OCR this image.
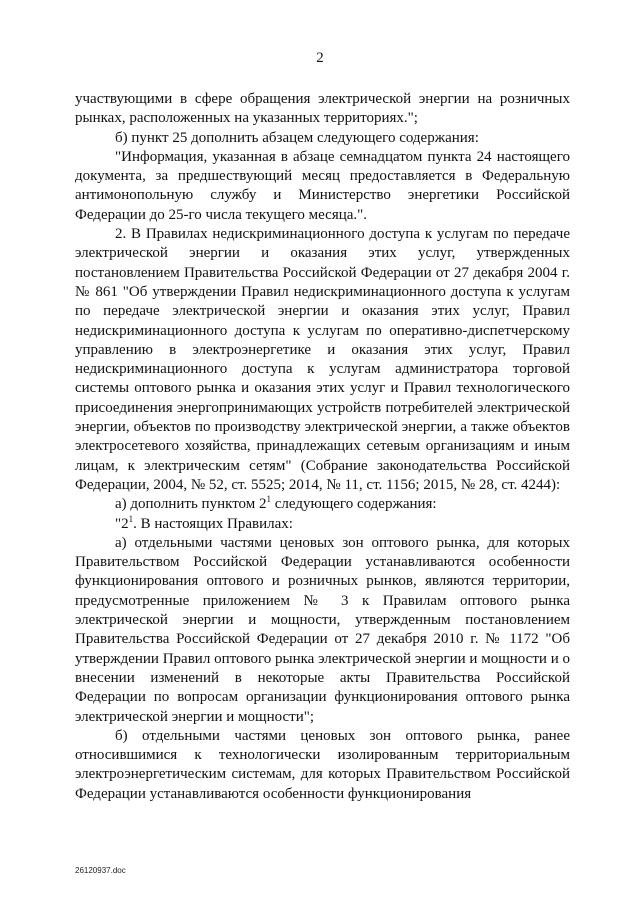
2

участвующими в сфере обращения электрической энергии на розничных рынках, расположенных на указанных территориях.";

б) пункт 25 дополнить абзацем следующего содержания:

"Информация, указанная в абзаце семнадцатом пункта 24 настоящего документа, за предшествующий месяц предоставляется в Федеральную антимонопольную службу и Министерство энергетики Российской Федерации до 25-го числа текущего месяца.".

2. В Правилах недискриминационного доступа к услугам по передаче электрической энергии и оказания этих услуг, утвержденных постановлением Правительства Российской Федерации от 27 декабря 2004 г. № 861 "Об утверждении Правил недискриминационного доступа к услугам по передаче электрической энергии и оказания этих услуг, Правил недискриминационного доступа к услугам по оперативно-диспетчерскому управлению в электроэнергетике и оказания этих услуг, Правил недискриминационного доступа к услугам администратора торговой системы оптового рынка и оказания этих услуг и Правил технологического присоединения энергопринимающих устройств потребителей электрической энергии, объектов по производству электрической энергии, а также объектов электросетевого хозяйства, принадлежащих сетевым организациям и иным лицам, к электрическим сетям" (Собрание законодательства Российской Федерации, 2004, № 52, ст. 5525; 2014, № 11, ст. 1156; 2015, № 28, ст. 4244):

а) дополнить пунктом $2^1$ следующего содержания:

"$2^1$. В настоящих Правилах:

а) отдельными частями ценовых зон оптового рынка, для которых Правительством Российской Федерации устанавливаются особенности функционирования оптового и розничных рынков, являются территории, предусмотренные приложением № 3 к Правилам оптового рынка электрической энергии и мощности, утвержденным постановлением Правительства Российской Федерации от 27 декабря 2010 г. № 1172 "Об утверждении Правил оптового рынка электрической энергии и мощности и о внесении изменений в некоторые акты Правительства Российской Федерации по вопросам организации функционирования оптового рынка электрической энергии и мощности";

б) отдельными частями ценовых зон оптового рынка, ранее относившимися к технологически изолированным территориальным электроэнергетическим системам, для которых Правительством Российской Федерации устанавливаются особенности функционирования

26120937.doc
